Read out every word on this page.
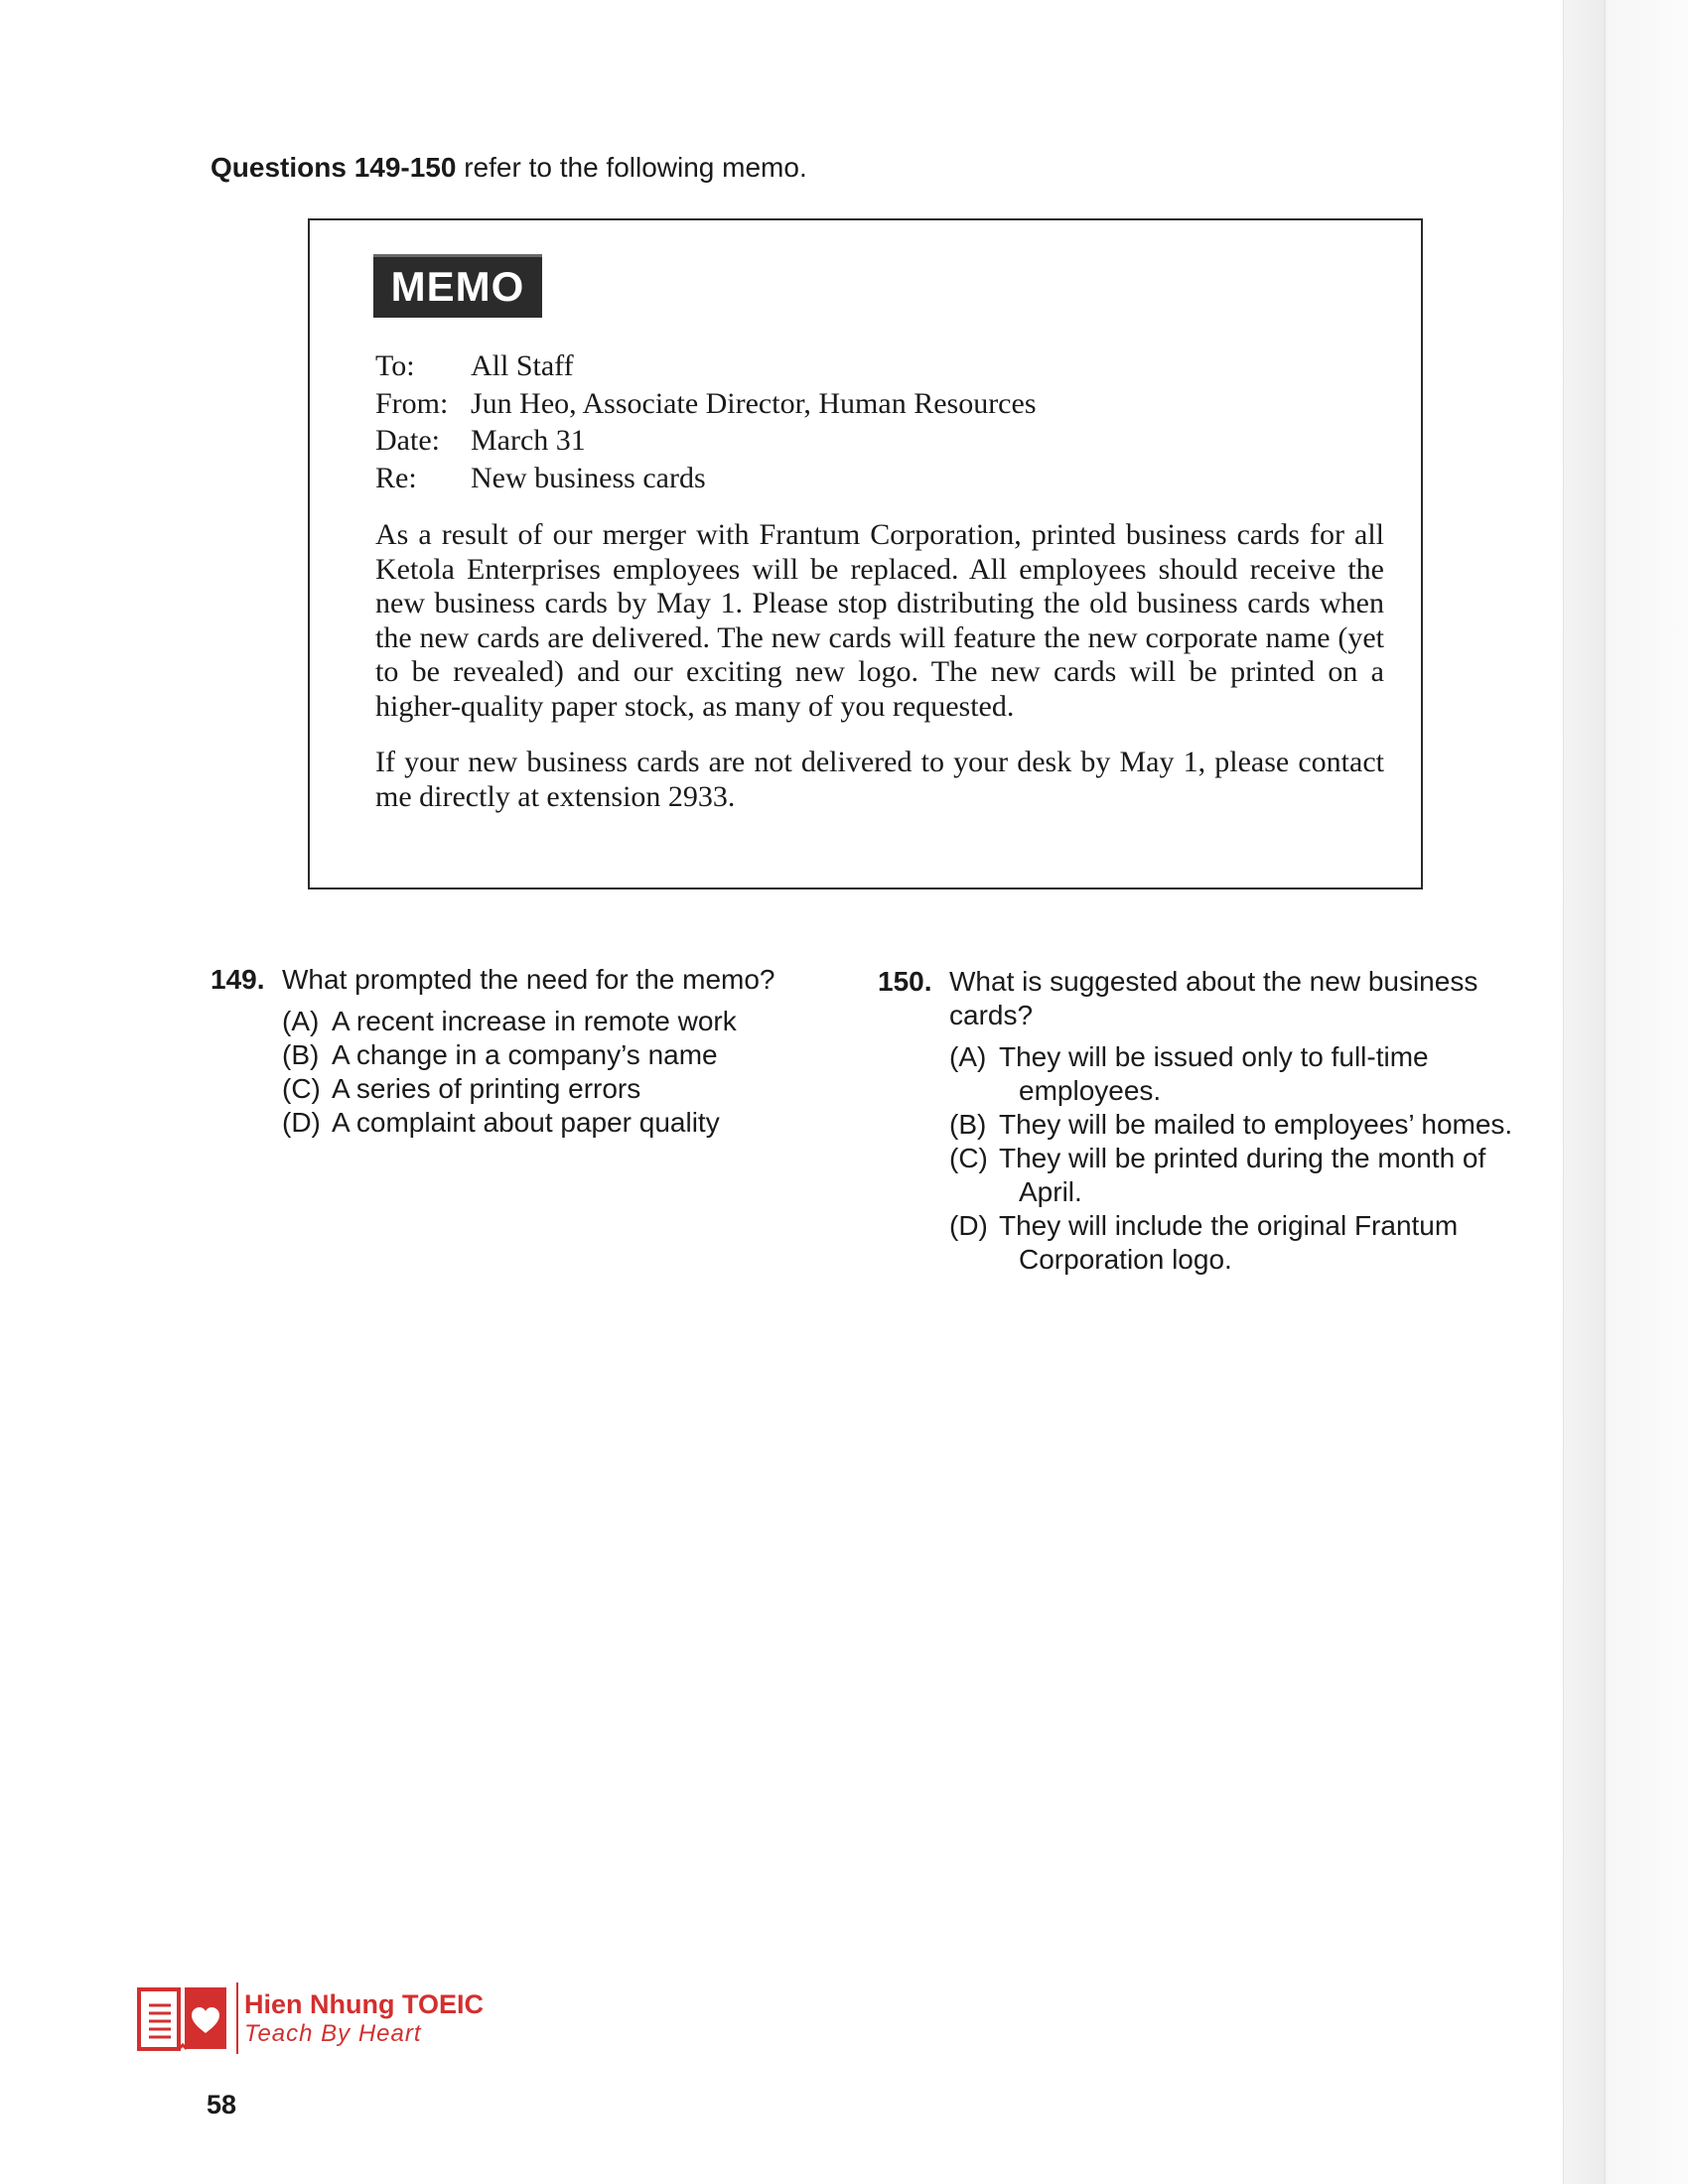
Questions 149-150 refer to the following memo.
MEMO
To:	All Staff
From: Jun Heo, Associate Director, Human Resources
Date:	March 31
Re:	New business cards

As a result of our merger with Frantum Corporation, printed business cards for all Ketola Enterprises employees will be replaced. All employees should receive the new business cards by May 1. Please stop distributing the old business cards when the new cards are delivered. The new cards will feature the new corporate name (yet to be revealed) and our exciting new logo. The new cards will be printed on a higher-quality paper stock, as many of you requested.

If your new business cards are not delivered to your desk by May 1, please contact me directly at extension 2933.

149. What prompted the need for the memo?
(A) A recent increase in remote work
(B) A change in a company’s name
(C) A series of printing errors
(D) A complaint about paper quality
150. What is suggested about the new business cards?
(A) They will be issued only to full-time employees.
(B) They will be mailed to employees’ homes.
(C) They will be printed during the month of April.
(D) They will include the original Frantum Corporation logo.
Hien Nhung TOEIC
Teach By Heart
58
